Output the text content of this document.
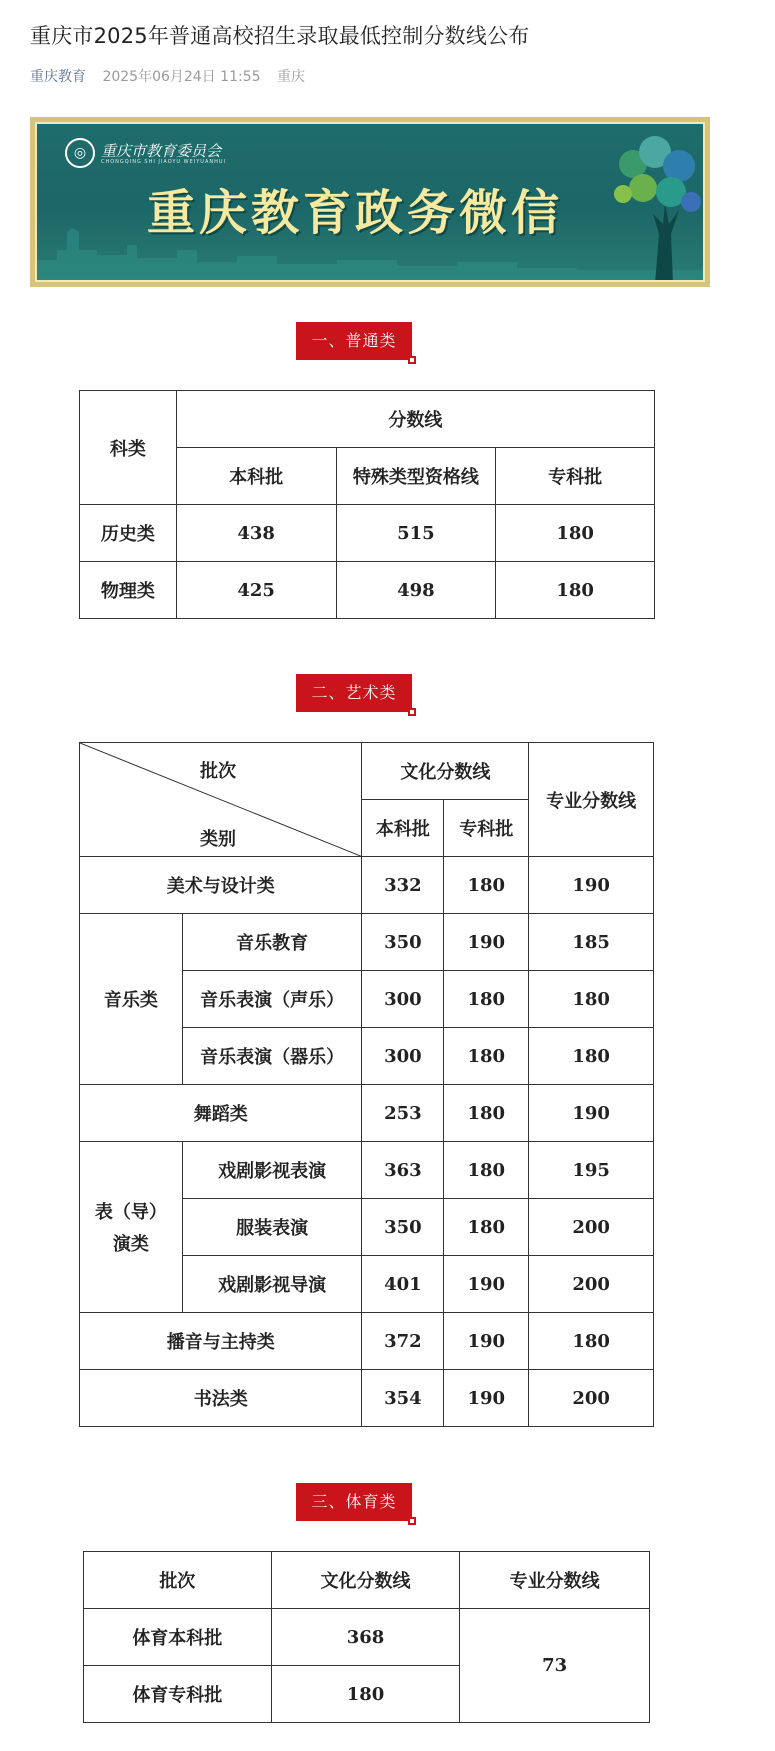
重庆市2025年普通高校招生录取最低控制分数线公布
重庆教育 2025年06月24日 11:55 重庆
◎ 重庆市教育委员会
CHONGQING SHI JIAOYU WEIYUANHUI
重庆教育政务微信
一、普通类
科类	分数线		
	本科批	特殊类型资格线	专科批
历史类	438	515	180
物理类	425	498	180
二、艺术类
批次
类别		文化分数线		专业分数线
		本科批	专科批	
美术与设计类		332	180	190
音乐类	音乐教育	350	190	185
	音乐表演（声乐）	300	180	180
	音乐表演（器乐）	300	180	180
舞蹈类		253	180	190

表（导）
演类	戏剧影视表演	363	180	195
	服装表演	350	180	200
	戏剧影视导演	401	190	200
播音与主持类		372	190	180
书法类		354	190	200
三、体育类
批次	文化分数线	专业分数线
体育本科批	368	73
体育专科批	180	
